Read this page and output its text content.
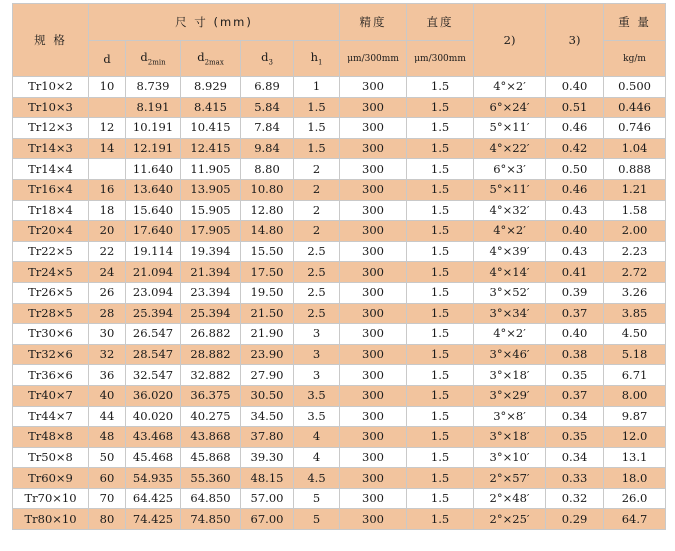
规 格	尺 寸 (mm)					精度	直度	2)	3)	重 量
	d	$d_{2min}$	$d_{2max}$	$d_3$	$h_1$	μm/300mm	μm/300mm			kg/m
Tr10×2	10	8.739	8.929	6.89	1	300	1.5	4°×2′	0.40	0.500
Tr10×3		8.191	8.415	5.84	1.5	300	1.5	6°×24′	0.51	0.446
Tr12×3	12	10.191	10.415	7.84	1.5	300	1.5	5°×11′	0.46	0.746
Tr14×3	14	12.191	12.415	9.84	1.5	300	1.5	4°×22′	0.42	1.04
Tr14×4		11.640	11.905	8.80	2	300	1.5	6°×3′	0.50	0.888
Tr16×4	16	13.640	13.905	10.80	2	300	1.5	5°×11′	0.46	1.21
Tr18×4	18	15.640	15.905	12.80	2	300	1.5	4°×32′	0.43	1.58
Tr20×4	20	17.640	17.905	14.80	2	300	1.5	4°×2′	0.40	2.00
Tr22×5	22	19.114	19.394	15.50	2.5	300	1.5	4°×39′	0.43	2.23
Tr24×5	24	21.094	21.394	17.50	2.5	300	1.5	4°×14′	0.41	2.72
Tr26×5	26	23.094	23.394	19.50	2.5	300	1.5	3°×52′	0.39	3.26
Tr28×5	28	25.394	25.394	21.50	2.5	300	1.5	3°×34′	0.37	3.85
Tr30×6	30	26.547	26.882	21.90	3	300	1.5	4°×2′	0.40	4.50
Tr32×6	32	28.547	28.882	23.90	3	300	1.5	3°×46′	0.38	5.18
Tr36×6	36	32.547	32.882	27.90	3	300	1.5	3°×18′	0.35	6.71
Tr40×7	40	36.020	36.375	30.50	3.5	300	1.5	3°×29′	0.37	8.00
Tr44×7	44	40.020	40.275	34.50	3.5	300	1.5	3°×8′	0.34	9.87
Tr48×8	48	43.468	43.868	37.80	4	300	1.5	3°×18′	0.35	12.0
Tr50×8	50	45.468	45.868	39.30	4	300	1.5	3°×10′	0.34	13.1
Tr60×9	60	54.935	55.360	48.15	4.5	300	1.5	2°×57′	0.33	18.0
Tr70×10	70	64.425	64.850	57.00	5	300	1.5	2°×48′	0.32	26.0
Tr80×10	80	74.425	74.850	67.00	5	300	1.5	2°×25′	0.29	64.7
